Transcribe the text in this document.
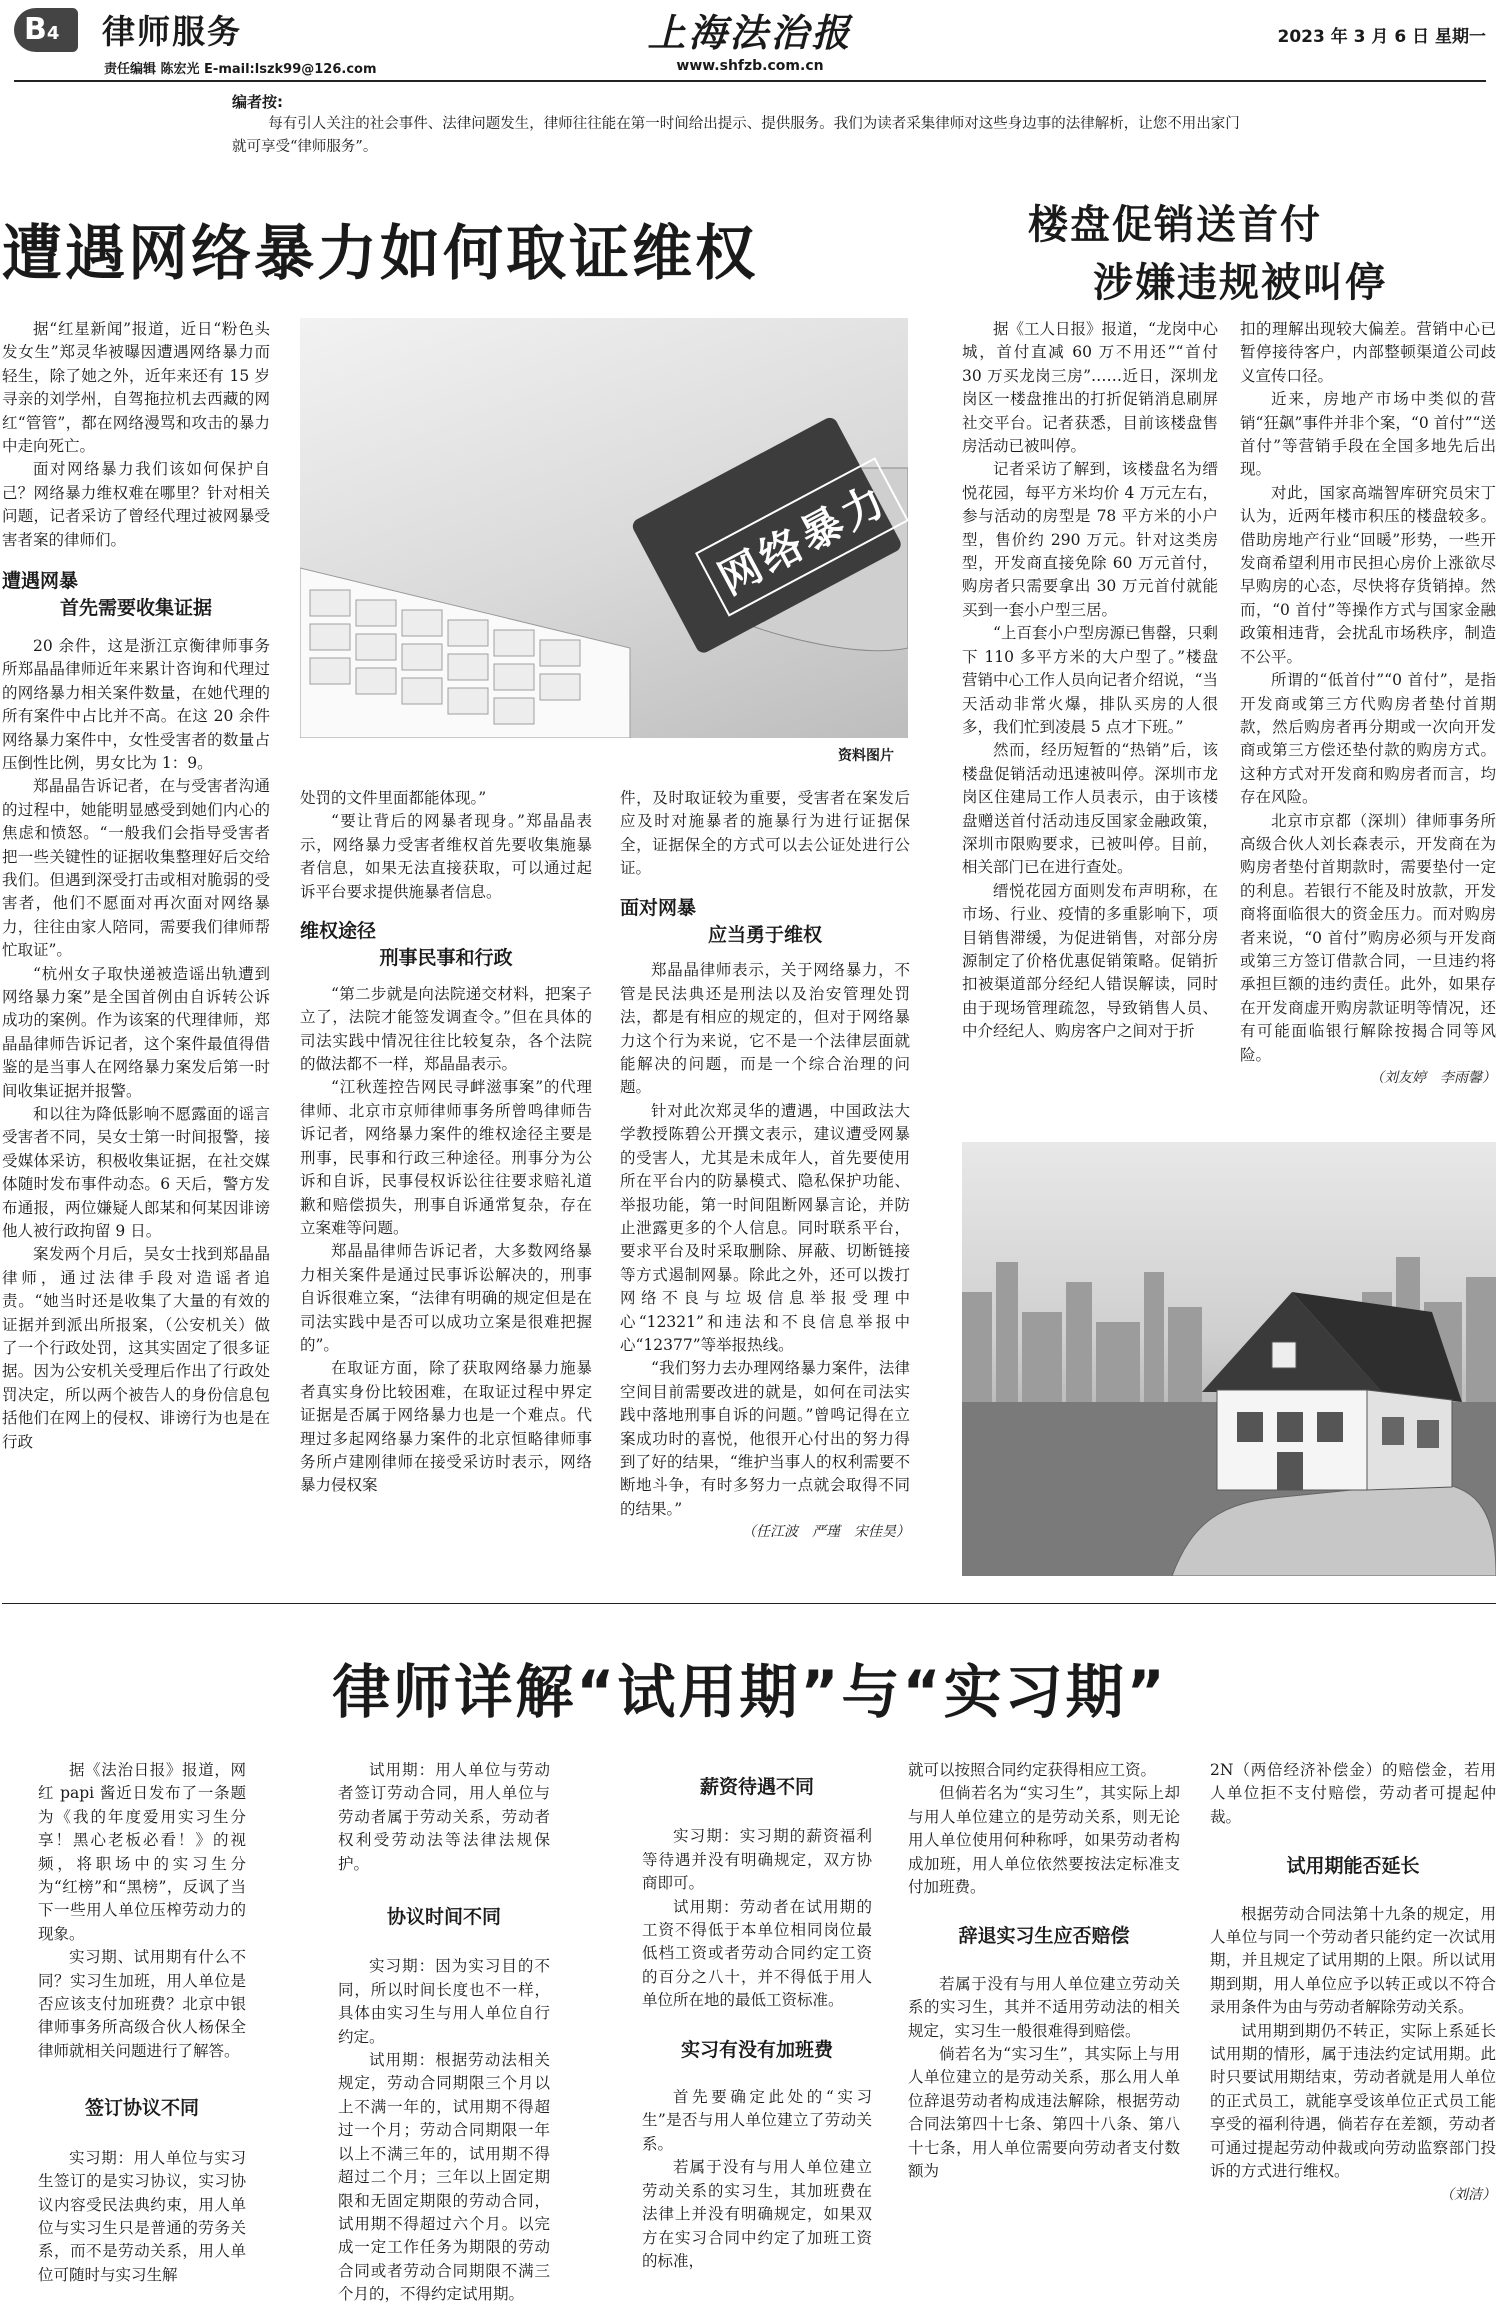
B4	律师服务
责任编辑 陈宏光 E-mail:lszk99@126.com
上海法治报
www.shfzb.com.cn
2023 年 3 月 6 日 星期一
编者按:
每有引人关注的社会事件、法律问题发生，律师往往能在第一时间给出提示、提供服务。我们为读者采集律师对这些身边事的法律解析，让您不用出家门就可享受“律师服务”。
遭遇网络暴力如何取证维权
网络暴力
资料图片

据“红星新闻”报道，近日“粉色头发女生”郑灵华被曝因遭遇网络暴力而轻生，除了她之外，近年来还有 15 岁寻亲的刘学州，自驾拖拉机去西藏的网红“管管”，都在网络漫骂和攻击的暴力中走向死亡。

面对网络暴力我们该如何保护自己？网络暴力维权难在哪里？针对相关问题，记者采访了曾经代理过被网暴受害者案的律师们。

遭遇网暴
首先需要收集证据

20 余件，这是浙江京衡律师事务所郑晶晶律师近年来累计咨询和代理过的网络暴力相关案件数量，在她代理的所有案件中占比并不高。在这 20 余件网络暴力案件中，女性受害者的数量占压倒性比例，男女比为 1：9。

郑晶晶告诉记者，在与受害者沟通的过程中，她能明显感受到她们内心的焦虑和愤怒。“一般我们会指导受害者把一些关键性的证据收集整理好后交给我们。但遇到深受打击或相对脆弱的受害者，他们不愿面对再次面对网络暴力，往往由家人陪同，需要我们律师帮忙取证”。

“杭州女子取快递被造谣出轨遭到网络暴力案”是全国首例由自诉转公诉成功的案例。作为该案的代理律师，郑晶晶律师告诉记者，这个案件最值得借鉴的是当事人在网络暴力案发后第一时间收集证据并报警。

和以往为降低影响不愿露面的谣言受害者不同，吴女士第一时间报警，接受媒体采访，积极收集证据，在社交媒体随时发布事件动态。6 天后，警方发布通报，两位嫌疑人郎某和何某因诽谤他人被行政拘留 9 日。

案发两个月后，吴女士找到郑晶晶律师，通过法律手段对造谣者追责。“她当时还是收集了大量的有效的证据并到派出所报案，（公安机关）做了一个行政处罚，这其实固定了很多证据。因为公安机关受理后作出了行政处罚决定，所以两个被告人的身份信息包括他们在网上的侵权、诽谤行为也是在行政

处罚的文件里面都能体现。”

“要让背后的网暴者现身。”郑晶晶表示，网络暴力受害者维权首先要收集施暴者信息，如果无法直接获取，可以通过起诉平台要求提供施暴者信息。

维权途径
刑事民事和行政

“第二步就是向法院递交材料，把案子立了，法院才能签发调查令。”但在具体的司法实践中情况往往比较复杂，各个法院的做法都不一样，郑晶晶表示。

“江秋莲控告网民寻衅滋事案”的代理律师、北京市京师律师事务所曾鸣律师告诉记者，网络暴力案件的维权途径主要是刑事，民事和行政三种途径。刑事分为公诉和自诉，民事侵权诉讼往往要求赔礼道歉和赔偿损失，刑事自诉通常复杂，存在立案难等问题。

郑晶晶律师告诉记者，大多数网络暴力相关案件是通过民事诉讼解决的，刑事自诉很难立案，“法律有明确的规定但是在司法实践中是否可以成功立案是很难把握的”。

在取证方面，除了获取网络暴力施暴者真实身份比较困难，在取证过程中界定证据是否属于网络暴力也是一个难点。代理过多起网络暴力案件的北京恒略律师事务所卢建刚律师在接受采访时表示，网络暴力侵权案

件，及时取证较为重要，受害者在案发后应及时对施暴者的施暴行为进行证据保全，证据保全的方式可以去公证处进行公证。

面对网暴
应当勇于维权

郑晶晶律师表示，关于网络暴力，不管是民法典还是刑法以及治安管理处罚法，都是有相应的规定的，但对于网络暴力这个行为来说，它不是一个法律层面就能解决的问题，而是一个综合治理的问题。

针对此次郑灵华的遭遇，中国政法大学教授陈碧公开撰文表示，建议遭受网暴的受害人，尤其是未成年人，首先要使用所在平台内的防暴模式、隐私保护功能、举报功能，第一时间阻断网暴言论，并防止泄露更多的个人信息。同时联系平台，要求平台及时采取删除、屏蔽、切断链接等方式遏制网暴。除此之外，还可以拨打网络不良与垃圾信息举报受理中心“12321”和违法和不良信息举报中心“12377”等举报热线。

“我们努力去办理网络暴力案件，法律空间目前需要改进的就是，如何在司法实践中落地刑事自诉的问题。”曾鸣记得在立案成功时的喜悦，他很开心付出的努力得到了好的结果，“维护当事人的权利需要不断地斗争，有时多努力一点就会取得不同的结果。”

（任江波　严瑾　宋佳昊）
楼盘促销送首付
涉嫌违规被叫停

据《工人日报》报道，“龙岗中心城，首付直减 60 万不用还”“首付 30 万买龙岗三房”……近日，深圳龙岗区一楼盘推出的打折促销消息刷屏社交平台。记者获悉，目前该楼盘售房活动已被叫停。

记者采访了解到，该楼盘名为缙悦花园，每平方米均价 4 万元左右，参与活动的房型是 78 平方米的小户型，售价约 290 万元。针对这类房型，开发商直接免除 60 万元首付，购房者只需要拿出 30 万元首付就能买到一套小户型三居。

“上百套小户型房源已售罄，只剩下 110 多平方米的大户型了。”楼盘营销中心工作人员向记者介绍说，“当天活动非常火爆，排队买房的人很多，我们忙到凌晨 5 点才下班。”

然而，经历短暂的“热销”后，该楼盘促销活动迅速被叫停。深圳市龙岗区住建局工作人员表示，由于该楼盘赠送首付活动违反国家金融政策，深圳市限购要求，已被叫停。目前，相关部门已在进行查处。

缙悦花园方面则发布声明称，在市场、行业、疫情的多重影响下，项目销售滞缓，为促进销售，对部分房源制定了价格优惠促销策略。促销折扣被渠道部分经纪人错误解读，同时由于现场管理疏忽，导致销售人员、中介经纪人、购房客户之间对于折

扣的理解出现较大偏差。营销中心已暂停接待客户，内部整顿渠道公司歧义宣传口径。

近来，房地产市场中类似的营销“狂飙”事件并非个案，“0 首付”“送首付”等营销手段在全国多地先后出现。

对此，国家高端智库研究员宋丁认为，近两年楼市积压的楼盘较多。借助房地产行业“回暖”形势，一些开发商希望利用市民担心房价上涨欲尽早购房的心态，尽快将存货销掉。然而，“0 首付”等操作方式与国家金融政策相违背，会扰乱市场秩序，制造不公平。

所谓的“低首付”“0 首付”，是指开发商或第三方代购房者垫付首期款，然后购房者再分期或一次向开发商或第三方偿还垫付款的购房方式。这种方式对开发商和购房者而言，均存在风险。

北京市京都（深圳）律师事务所高级合伙人刘长森表示，开发商在为购房者垫付首期款时，需要垫付一定的利息。若银行不能及时放款，开发商将面临很大的资金压力。而对购房者来说，“0 首付”购房必须与开发商或第三方签订借款合同，一旦违约将承担巨额的违约责任。此外，如果存在开发商虚开购房款证明等情况，还有可能面临银行解除按揭合同等风险。

（刘友婷　李雨馨）
律师详解“试用期”与“实习期”

据《法治日报》报道，网红 papi 酱近日发布了一条题为《我的年度爱用实习生分享！黑心老板必看！》的视频，将职场中的实习生分为“红榜”和“黑榜”，反讽了当下一些用人单位压榨劳动力的现象。

实习期、试用期有什么不同？实习生加班，用人单位是否应该支付加班费？北京中银律师事务所高级合伙人杨保全律师就相关问题进行了解答。

签订协议不同

实习期：用人单位与实习生签订的是实习协议，实习协议内容受民法典约束，用人单位与实习生只是普通的劳务关系，而不是劳动关系，用人单位可随时与实习生解

试用期：用人单位与劳动者签订劳动合同，用人单位与劳动者属于劳动关系，劳动者权利受劳动法等法律法规保护。

协议时间不同

实习期：因为实习目的不同，所以时间长度也不一样，具体由实习生与用人单位自行约定。

试用期：根据劳动法相关规定，劳动合同期限三个月以上不满一年的，试用期不得超过一个月；劳动合同期限一年以上不满三年的，试用期不得超过二个月；三年以上固定期限和无固定期限的劳动合同，试用期不得超过六个月。以完成一定工作任务为期限的劳动合同或者劳动合同期限不满三个月的，不得约定试用期。

薪资待遇不同

实习期：实习期的薪资福利等待遇并没有明确规定，双方协商即可。

试用期：劳动者在试用期的工资不得低于本单位相同岗位最低档工资或者劳动合同约定工资的百分之八十，并不得低于用人单位所在地的最低工资标准。

实习有没有加班费

首先要确定此处的“实习生”是否与用人单位建立了劳动关系。

若属于没有与用人单位建立劳动关系的实习生，其加班费在法律上并没有明确规定，如果双方在实习合同中约定了加班工资的标准，

就可以按照合同约定获得相应工资。

但倘若名为“实习生”，其实际上却与用人单位建立的是劳动关系，则无论用人单位使用何种称呼，如果劳动者构成加班，用人单位依然要按法定标准支付加班费。

辞退实习生应否赔偿

若属于没有与用人单位建立劳动关系的实习生，其并不适用劳动法的相关规定，实习生一般很难得到赔偿。

倘若名为“实习生”，其实际上与用人单位建立的是劳动关系，那么用人单位辞退劳动者构成违法解除，根据劳动合同法第四十七条、第四十八条、第八十七条，用人单位需要向劳动者支付数额为

2N（两倍经济补偿金）的赔偿金，若用人单位拒不支付赔偿，劳动者可提起仲裁。

试用期能否延长

根据劳动合同法第十九条的规定，用人单位与同一个劳动者只能约定一次试用期，并且规定了试用期的上限。所以试用期到期，用人单位应予以转正或以不符合录用条件为由与劳动者解除劳动关系。

试用期到期仍不转正，实际上系延长试用期的情形，属于违法约定试用期。此时只要试用期结束，劳动者就是用人单位的正式员工，就能享受该单位正式员工能享受的福利待遇，倘若存在差额，劳动者可通过提起劳动仲裁或向劳动监察部门投诉的方式进行维权。

（刘洁）
